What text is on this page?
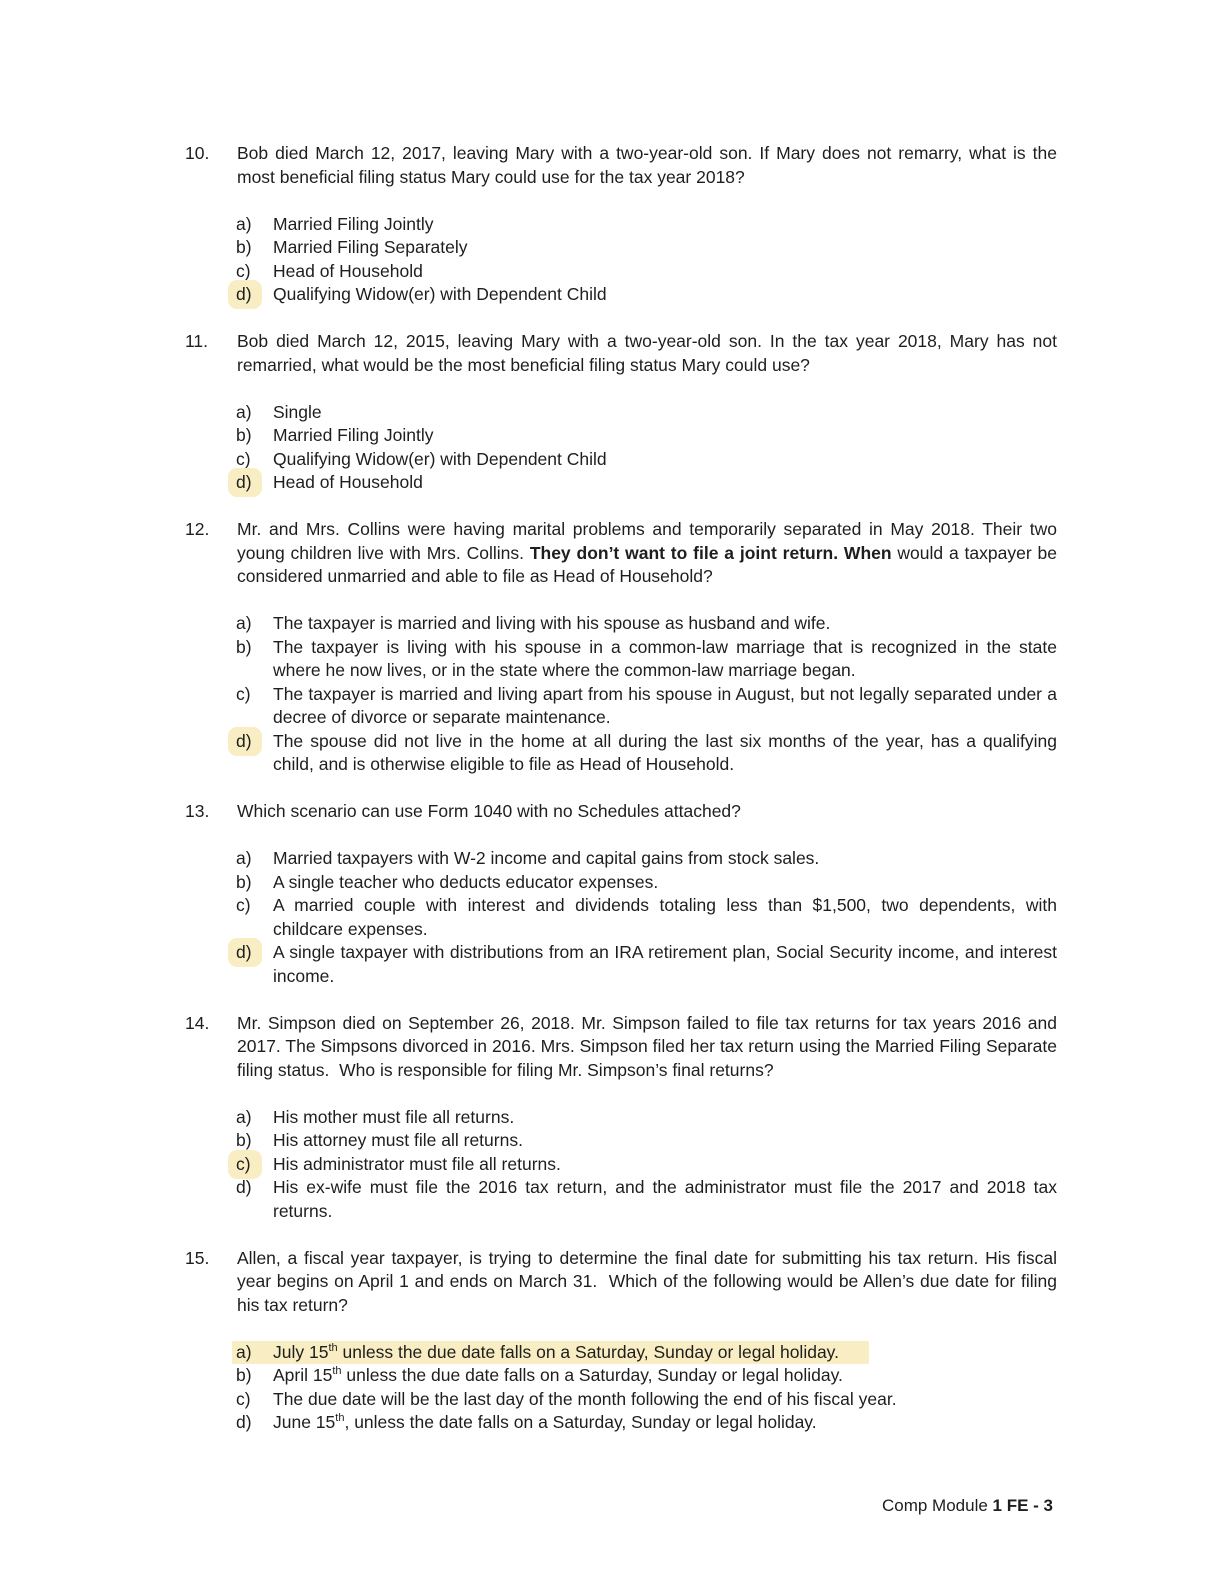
10.	Bob died March 12, 2017, leaving Mary with a two-year-old son. If Mary does not remarry, what is the most beneficial filing status Mary could use for the tax year 2018?
a)	Married Filing Jointly
b)	Married Filing Separately
c)	Head of Household
d)	Qualifying Widow(er) with Dependent Child
11.	Bob died March 12, 2015, leaving Mary with a two-year-old son. In the tax year 2018, Mary has not remarried, what would be the most beneficial filing status Mary could use?
a)	Single
b)	Married Filing Jointly
c)	Qualifying Widow(er) with Dependent Child
d)	Head of Household
12.	Mr. and Mrs. Collins were having marital problems and temporarily separated in May 2018. Their two young children live with Mrs. Collins. They don’t want to file a joint return. When would a taxpayer be considered unmarried and able to file as Head of Household?
a)	The taxpayer is married and living with his spouse as husband and wife.
b)	The taxpayer is living with his spouse in a common-law marriage that is recognized in the state where he now lives, or in the state where the common-law marriage began.
c)	The taxpayer is married and living apart from his spouse in August, but not legally separated under a decree of divorce or separate maintenance.
d)	The spouse did not live in the home at all during the last six months of the year, has a qualifying child, and is otherwise eligible to file as Head of Household.
13.	Which scenario can use Form 1040 with no Schedules attached?
a)	Married taxpayers with W-2 income and capital gains from stock sales.
b)	A single teacher who deducts educator expenses.
c)	A married couple with interest and dividends totaling less than $1,500, two dependents, with childcare expenses.
d)	A single taxpayer with distributions from an IRA retirement plan, Social Security income, and interest income.
14.	Mr. Simpson died on September 26, 2018. Mr. Simpson failed to file tax returns for tax years 2016 and 2017. The Simpsons divorced in 2016. Mrs. Simpson filed her tax return using the Married Filing Separate filing status.  Who is responsible for filing Mr. Simpson’s final returns?
a)	His mother must file all returns.
b)	His attorney must file all returns.
c)	His administrator must file all returns.
d)	His ex-wife must file the 2016 tax return, and the administrator must file the 2017 and 2018 tax returns.
15.	Allen, a fiscal year taxpayer, is trying to determine the final date for submitting his tax return. His fiscal year begins on April 1 and ends on March 31.  Which of the following would be Allen’s due date for filing his tax return?
a)	July 15th unless the due date falls on a Saturday, Sunday or legal holiday.
b)	April 15th unless the due date falls on a Saturday, Sunday or legal holiday.
c)	The due date will be the last day of the month following the end of his fiscal year.
d)	June 15th, unless the date falls on a Saturday, Sunday or legal holiday.
Comp Module 1 FE - 3
